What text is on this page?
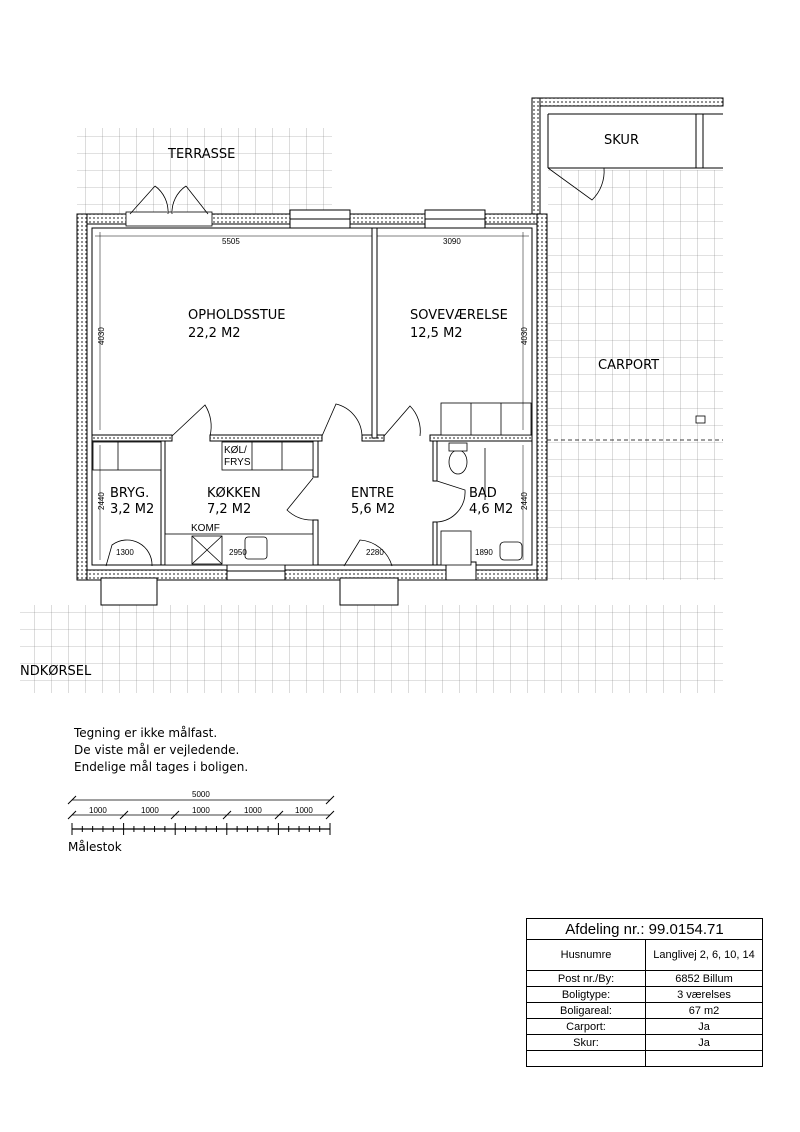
TERRASSE
SKUR
CARPORT
NDKØRSEL
OPHOLDSSTUE
22,2 M2
SOVEVÆRELSE
12,5 M2
BRYG.
3,2 M2
KØKKEN
7,2 M2
ENTRE
5,6 M2
BAD
4,6 M2
KØL/
FRYS
KOMF
5505	3090
4030	4030
2440	2440
1300	2950	2280	1890
5000
1000	1000	1000	1000	1000
Tegning er ikke målfast.
De viste mål er vejledende.
Endelige mål tages i boligen.
Målestok
Afdeling nr.: 99.0154.71	
Husnumre	Langlivej 2, 6, 10, 14
Post nr./By:	6852 Billum
Boligtype:	3 værelses
Boligareal:	67 m2
Carport:	Ja
Skur:	Ja
